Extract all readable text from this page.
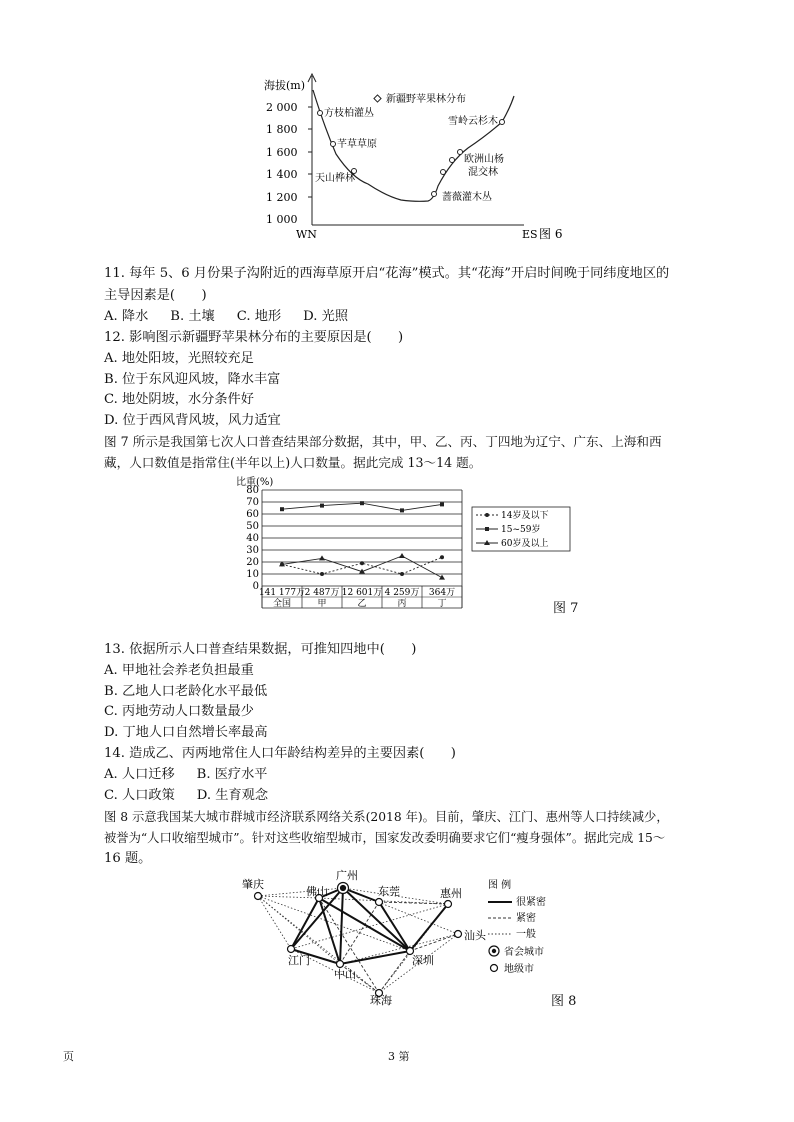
海拔(m)
2 000
1 800
1 600
1 400
1 200
1 000
WN	ES 图 6
新疆野苹果林分布
方枝柏灌丛
芊草草原
天山桦林
雪岭云杉木
欧洲山杨
混交林
蔷薇灌木丛
11. 每年 5、6 月份果子沟附近的西海草原开启“花海”模式。其“花海”开启时间晚于同纬度地区的
主导因素是(　　)
A. 降水 B. 土壤 C. 地形 D. 光照
12. 影响图示新疆野苹果林分布的主要原因是(　　)
A. 地处阳坡，光照较充足
B. 位于东风迎风坡，降水丰富
C. 地处阴坡，水分条件好
D. 位于西风背风坡，风力适宜
图 7 所示是我国第七次人口普查结果部分数据，其中，甲、乙、丙、丁四地为辽宁、广东、上海和西
藏，人口数值是指常住(半年以上)人口数量。据此完成 13～14 题。
比重(%)
80
70
60
50
40
30
20
10
0
141 177万 2 487万 12 601万 4 259万 364万
全国	甲	乙	丙	丁
14岁及以下
15~59岁
60岁及以上
图 7
13. 依据所示人口普查结果数据，可推知四地中(　　)
A. 甲地社会养老负担最重
B. 乙地人口老龄化水平最低
C. 丙地劳动人口数量最少
D. 丁地人口自然增长率最高
14. 造成乙、丙两地常住人口年龄结构差异的主要因素(　　)
A. 人口迁移 B. 医疗水平
C. 人口政策 D. 生育观念
图 8 示意我国某大城市群城市经济联系网络关系(2018 年)。目前，肇庆、江门、惠州等人口持续减少，
被誉为“人口收缩型城市”。针对这些收缩型城市，国家发改委明确要求它们“瘦身强体”。据此完成 15～
16 题。
广州
肇庆
佛山	东莞	惠州
汕头
江门
中山
深圳
珠海
图 例
很紧密
紧密
一般
省会城市
地级市
图 8
页	3 第
